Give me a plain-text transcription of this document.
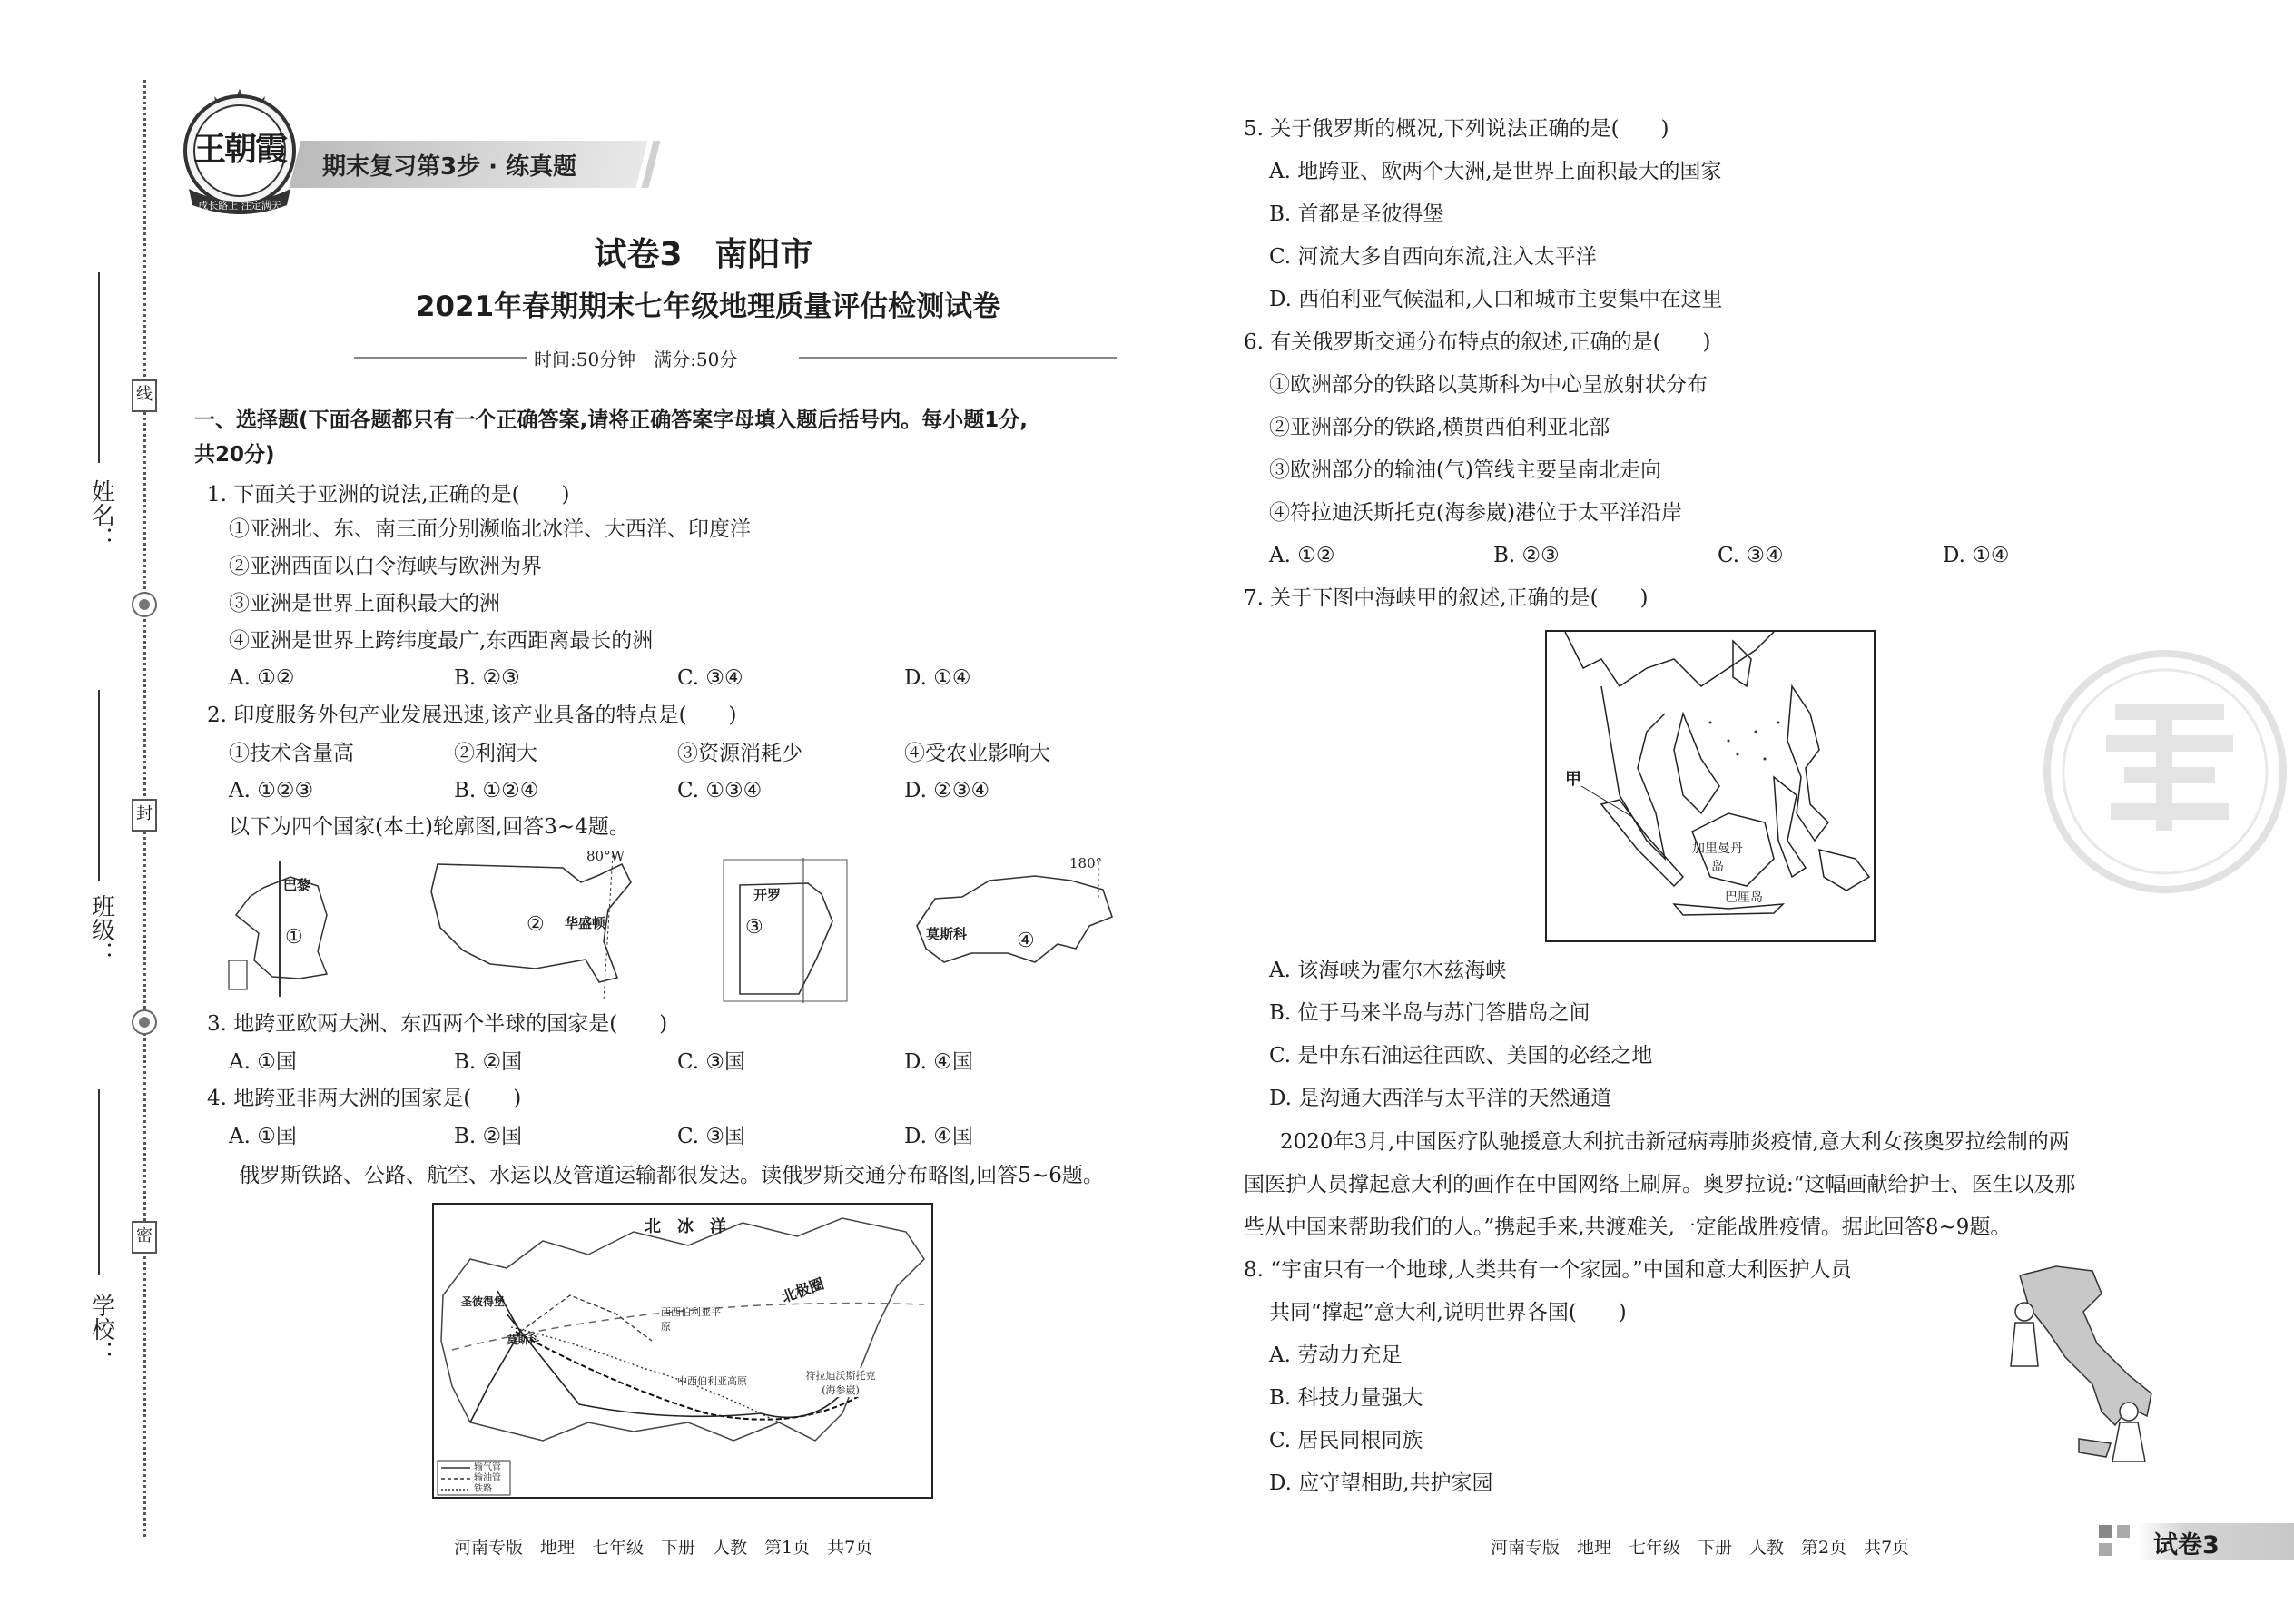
线
封
密
姓名：
班级：
学校：
王朝霞
成长路上 注定满天
期末复习第3步 · 练真题
试卷3　南阳市
2021年春期期末七年级地理质量评估检测试卷
时间:50分钟　满分:50分
一、选择题(下面各题都只有一个正确答案,请将正确答案字母填入题后括号内。每小题1分,
共20分)
1. 下面关于亚洲的说法,正确的是(　　)
①亚洲北、东、南三面分别濒临北冰洋、大西洋、印度洋
②亚洲西面以白令海峡与欧洲为界
③亚洲是世界上面积最大的洲
④亚洲是世界上跨纬度最广,东西距离最长的洲
A. ①②	B. ②③	C. ③④	D. ①④
2. 印度服务外包产业发展迅速,该产业具备的特点是(　　)
①技术含量高	②利润大	③资源消耗少	④受农业影响大
A. ①②③	B. ①②④	C. ①③④	D. ②③④
以下为四个国家(本土)轮廓图,回答3~4题。
巴黎
①
80°W
华盛顿
②
开罗
③
180°
莫斯科 ④
3. 地跨亚欧两大洲、东西两个半球的国家是(　　)
A. ①国	B. ②国	C. ③国	D. ④国
4. 地跨亚非两大洲的国家是(　　)
A. ①国	B. ②国	C. ③国	D. ④国
俄罗斯铁路、公路、航空、水运以及管道运输都很发达。读俄罗斯交通分布略图,回答5~6题。
北　冰　洋
北极圈
圣彼得堡
莫斯科
西西伯利亚平原
中西伯利亚高原	符拉迪沃斯托克(海参崴)
输气管
输油管
铁路
河南专版　地理　七年级　下册　人教　第1页　共7页
5. 关于俄罗斯的概况,下列说法正确的是(　　)
A. 地跨亚、欧两个大洲,是世界上面积最大的国家
B. 首都是圣彼得堡
C. 河流大多自西向东流,注入太平洋
D. 西伯利亚气候温和,人口和城市主要集中在这里
6. 有关俄罗斯交通分布特点的叙述,正确的是(　　)
①欧洲部分的铁路以莫斯科为中心呈放射状分布
②亚洲部分的铁路,横贯西伯利亚北部
③欧洲部分的输油(气)管线主要呈南北走向
④符拉迪沃斯托克(海参崴)港位于太平洋沿岸
A. ①②	B. ②③	C. ③④	D. ①④
7. 关于下图中海峡甲的叙述,正确的是(　　)
甲
加里曼丹岛
巴厘岛
A. 该海峡为霍尔木兹海峡
B. 位于马来半岛与苏门答腊岛之间
C. 是中东石油运往西欧、美国的必经之地
D. 是沟通大西洋与太平洋的天然通道
2020年3月,中国医疗队驰援意大利抗击新冠病毒肺炎疫情,意大利女孩奥罗拉绘制的两
国医护人员撑起意大利的画作在中国网络上刷屏。奥罗拉说:“这幅画献给护士、医生以及那
些从中国来帮助我们的人。”携起手来,共渡难关,一定能战胜疫情。据此回答8~9题。
8. “宇宙只有一个地球,人类共有一个家园。”中国和意大利医护人员
共同“撑起”意大利,说明世界各国(　　)
A. 劳动力充足
B. 科技力量强大
C. 居民同根同族
D. 应守望相助,共护家园
河南专版　地理　七年级　下册　人教　第2页　共7页	试卷3
